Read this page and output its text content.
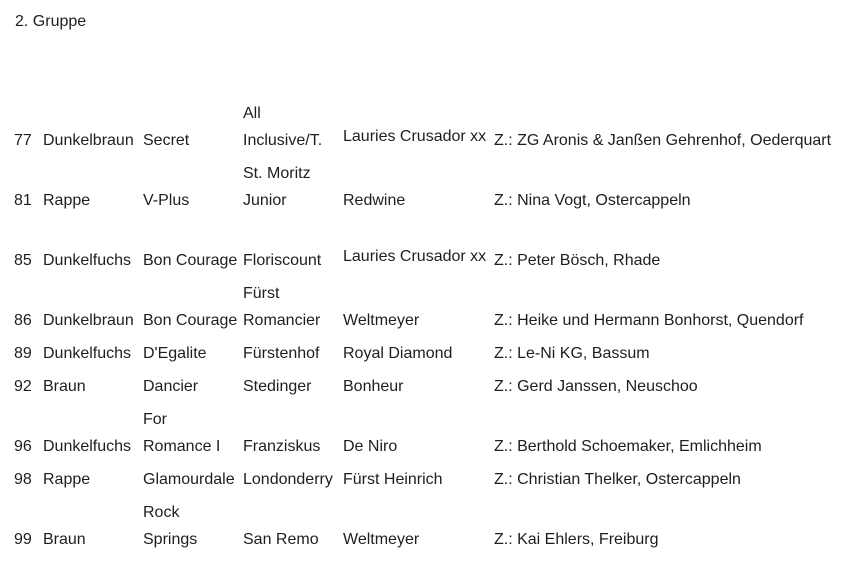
2. Gruppe
77	Dunkelbraun	Secret	All Inclusive/T.	Lauries Crusador xx	Z.: ZG Aronis & Janßen Gehrenhof, Oederquart
81	Rappe	V-Plus	St. Moritz Junior	Redwine	Z.: Nina Vogt, Ostercappeln
85	Dunkelfuchs	Bon Courage	Floriscount	Lauries Crusador xx	Z.: Peter Bösch, Rhade
86	Dunkelbraun	Bon Courage	Fürst Romancier	Weltmeyer	Z.: Heike und Hermann Bonhorst, Quendorf
89	Dunkelfuchs	D'Egalite	Fürstenhof	Royal Diamond	Z.: Le-Ni KG, Bassum
92	Braun	Dancier	Stedinger	Bonheur	Z.: Gerd Janssen, Neuschoo
96	Dunkelfuchs	For Romance I	Franziskus	De Niro	Z.: Berthold Schoemaker, Emlichheim
98	Rappe	Glamourdale	Londonderry	Fürst Heinrich	Z.: Christian Thelker, Ostercappeln
99	Braun	Rock Springs	San Remo	Weltmeyer	Z.: Kai Ehlers, Freiburg
